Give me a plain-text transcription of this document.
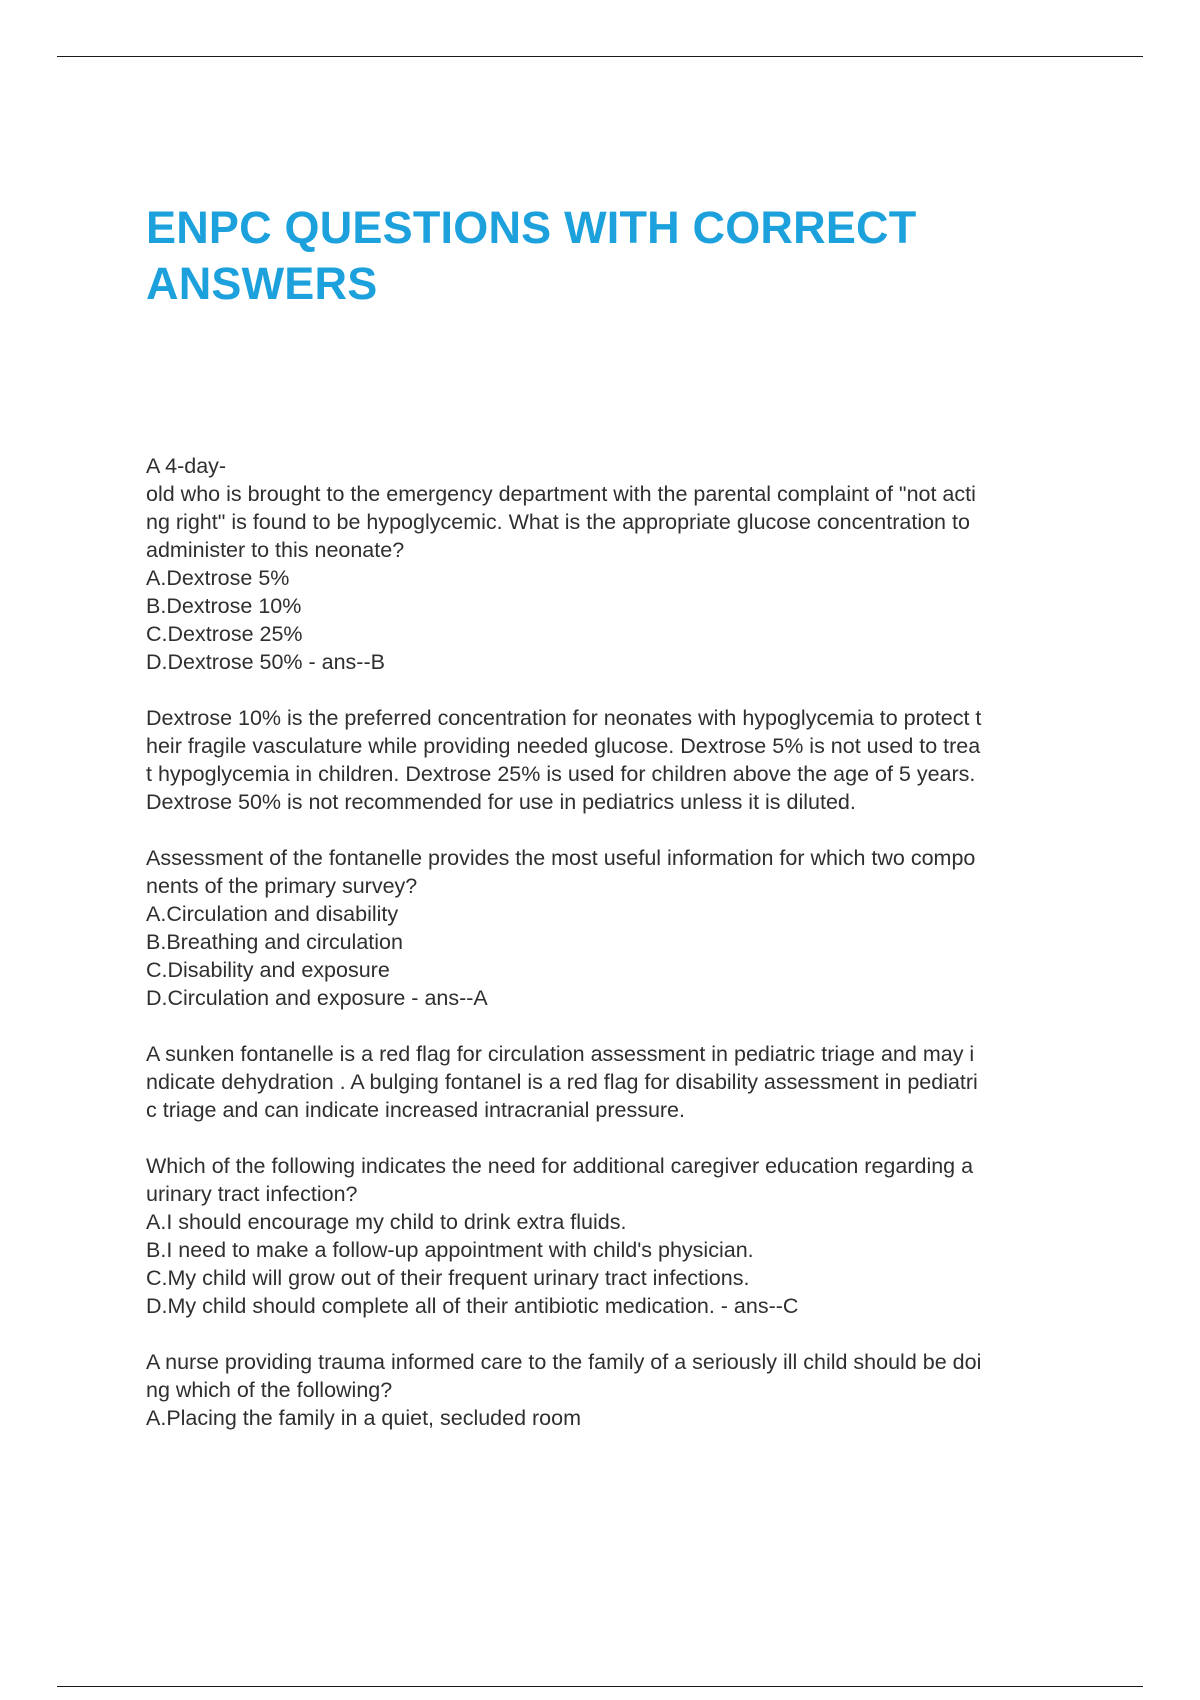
ENPC QUESTIONS WITH CORRECT
ANSWERS
A 4-day-
old who is brought to the emergency department with the parental complaint of "not acti
ng right" is found to be hypoglycemic. What is the appropriate glucose concentration to
administer to this neonate?
A.Dextrose 5%
B.Dextrose 10%
C.Dextrose 25%
D.Dextrose 50% - ans--B
Dextrose 10% is the preferred concentration for neonates with hypoglycemia to protect t
heir fragile vasculature while providing needed glucose. Dextrose 5% is not used to trea
t hypoglycemia in children. Dextrose 25% is used for children above the age of 5 years.
Dextrose 50% is not recommended for use in pediatrics unless it is diluted.
Assessment of the fontanelle provides the most useful information for which two compo
nents of the primary survey?
A.Circulation and disability
B.Breathing and circulation
C.Disability and exposure
D.Circulation and exposure - ans--A
A sunken fontanelle is a red flag for circulation assessment in pediatric triage and may i
ndicate dehydration . A bulging fontanel is a red flag for disability assessment in pediatri
c triage and can indicate increased intracranial pressure.
Which of the following indicates the need for additional caregiver education regarding a
urinary tract infection?
A.I should encourage my child to drink extra fluids.
B.I need to make a follow-up appointment with child's physician.
C.My child will grow out of their frequent urinary tract infections.
D.My child should complete all of their antibiotic medication. - ans--C
A nurse providing trauma informed care to the family of a seriously ill child should be doi
ng which of the following?
A.Placing the family in a quiet, secluded room
